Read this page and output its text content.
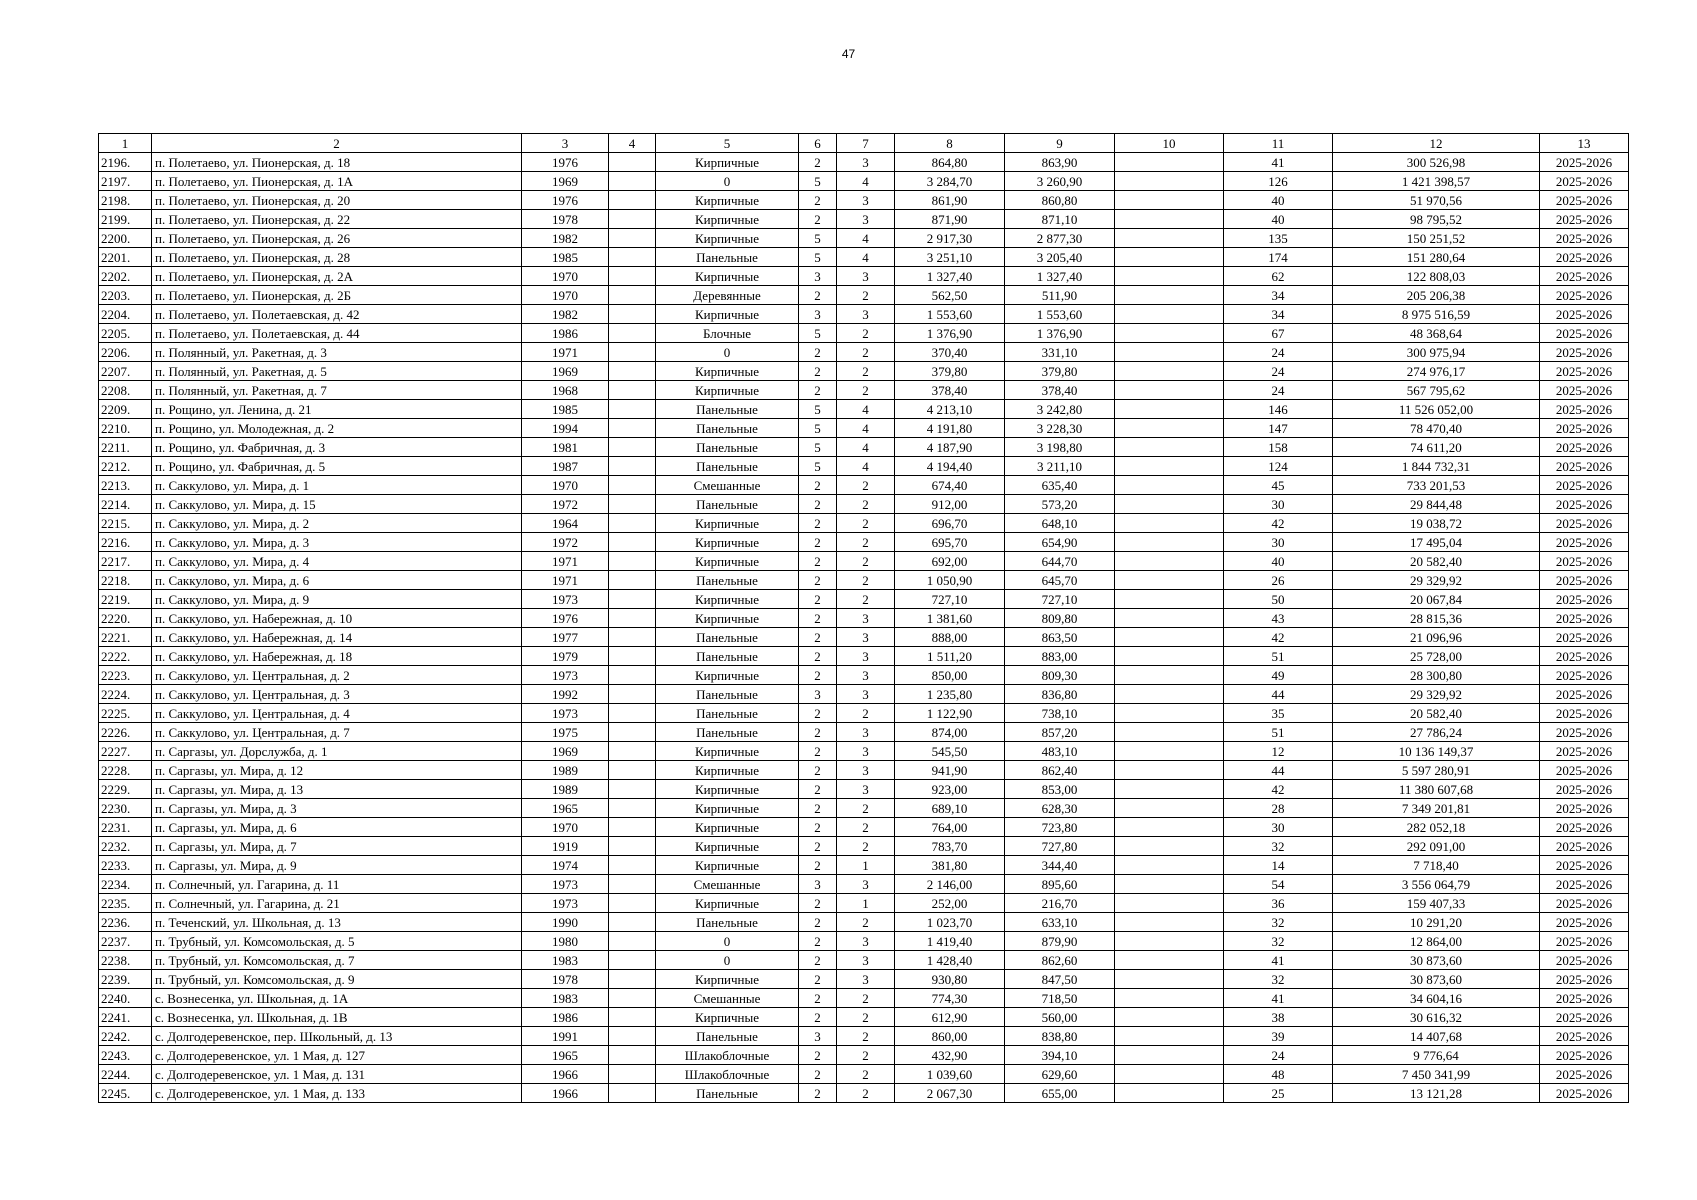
47
1	2	3	4	5	6	7	8	9	10	11	12	13
2196.	п. Полетаево, ул. Пионерская, д. 18	1976		Кирпичные	2	3	864,80	863,90		41	300 526,98	2025-2026
2197.	п. Полетаево, ул. Пионерская, д. 1А	1969		0	5	4	3 284,70	3 260,90		126	1 421 398,57	2025-2026
2198.	п. Полетаево, ул. Пионерская, д. 20	1976		Кирпичные	2	3	861,90	860,80		40	51 970,56	2025-2026
2199.	п. Полетаево, ул. Пионерская, д. 22	1978		Кирпичные	2	3	871,90	871,10		40	98 795,52	2025-2026
2200.	п. Полетаево, ул. Пионерская, д. 26	1982		Кирпичные	5	4	2 917,30	2 877,30		135	150 251,52	2025-2026
2201.	п. Полетаево, ул. Пионерская, д. 28	1985		Панельные	5	4	3 251,10	3 205,40		174	151 280,64	2025-2026
2202.	п. Полетаево, ул. Пионерская, д. 2А	1970		Кирпичные	3	3	1 327,40	1 327,40		62	122 808,03	2025-2026
2203.	п. Полетаево, ул. Пионерская, д. 2Б	1970		Деревянные	2	2	562,50	511,90		34	205 206,38	2025-2026
2204.	п. Полетаево, ул. Полетаевская, д. 42	1982		Кирпичные	3	3	1 553,60	1 553,60		34	8 975 516,59	2025-2026
2205.	п. Полетаево, ул. Полетаевская, д. 44	1986		Блочные	5	2	1 376,90	1 376,90		67	48 368,64	2025-2026
2206.	п. Полянный, ул. Ракетная, д. 3	1971		0	2	2	370,40	331,10		24	300 975,94	2025-2026
2207.	п. Полянный, ул. Ракетная, д. 5	1969		Кирпичные	2	2	379,80	379,80		24	274 976,17	2025-2026
2208.	п. Полянный, ул. Ракетная, д. 7	1968		Кирпичные	2	2	378,40	378,40		24	567 795,62	2025-2026
2209.	п. Рощино, ул. Ленина, д. 21	1985		Панельные	5	4	4 213,10	3 242,80		146	11 526 052,00	2025-2026
2210.	п. Рощино, ул. Молодежная, д. 2	1994		Панельные	5	4	4 191,80	3 228,30		147	78 470,40	2025-2026
2211.	п. Рощино, ул. Фабричная, д. 3	1981		Панельные	5	4	4 187,90	3 198,80		158	74 611,20	2025-2026
2212.	п. Рощино, ул. Фабричная, д. 5	1987		Панельные	5	4	4 194,40	3 211,10		124	1 844 732,31	2025-2026
2213.	п. Саккулово, ул. Мира, д. 1	1970		Смешанные	2	2	674,40	635,40		45	733 201,53	2025-2026
2214.	п. Саккулово, ул. Мира, д. 15	1972		Панельные	2	2	912,00	573,20		30	29 844,48	2025-2026
2215.	п. Саккулово, ул. Мира, д. 2	1964		Кирпичные	2	2	696,70	648,10		42	19 038,72	2025-2026
2216.	п. Саккулово, ул. Мира, д. 3	1972		Кирпичные	2	2	695,70	654,90		30	17 495,04	2025-2026
2217.	п. Саккулово, ул. Мира, д. 4	1971		Кирпичные	2	2	692,00	644,70		40	20 582,40	2025-2026
2218.	п. Саккулово, ул. Мира, д. 6	1971		Панельные	2	2	1 050,90	645,70		26	29 329,92	2025-2026
2219.	п. Саккулово, ул. Мира, д. 9	1973		Кирпичные	2	2	727,10	727,10		50	20 067,84	2025-2026
2220.	п. Саккулово, ул. Набережная, д. 10	1976		Кирпичные	2	3	1 381,60	809,80		43	28 815,36	2025-2026
2221.	п. Саккулово, ул. Набережная, д. 14	1977		Панельные	2	3	888,00	863,50		42	21 096,96	2025-2026
2222.	п. Саккулово, ул. Набережная, д. 18	1979		Панельные	2	3	1 511,20	883,00		51	25 728,00	2025-2026
2223.	п. Саккулово, ул. Центральная, д. 2	1973		Кирпичные	2	3	850,00	809,30		49	28 300,80	2025-2026
2224.	п. Саккулово, ул. Центральная, д. 3	1992		Панельные	3	3	1 235,80	836,80		44	29 329,92	2025-2026
2225.	п. Саккулово, ул. Центральная, д. 4	1973		Панельные	2	2	1 122,90	738,10		35	20 582,40	2025-2026
2226.	п. Саккулово, ул. Центральная, д. 7	1975		Панельные	2	3	874,00	857,20		51	27 786,24	2025-2026
2227.	п. Саргазы, ул. Дорслужба, д. 1	1969		Кирпичные	2	3	545,50	483,10		12	10 136 149,37	2025-2026
2228.	п. Саргазы, ул. Мира, д. 12	1989		Кирпичные	2	3	941,90	862,40		44	5 597 280,91	2025-2026
2229.	п. Саргазы, ул. Мира, д. 13	1989		Кирпичные	2	3	923,00	853,00		42	11 380 607,68	2025-2026
2230.	п. Саргазы, ул. Мира, д. 3	1965		Кирпичные	2	2	689,10	628,30		28	7 349 201,81	2025-2026
2231.	п. Саргазы, ул. Мира, д. 6	1970		Кирпичные	2	2	764,00	723,80		30	282 052,18	2025-2026
2232.	п. Саргазы, ул. Мира, д. 7	1919		Кирпичные	2	2	783,70	727,80		32	292 091,00	2025-2026
2233.	п. Саргазы, ул. Мира, д. 9	1974		Кирпичные	2	1	381,80	344,40		14	7 718,40	2025-2026
2234.	п. Солнечный, ул. Гагарина, д. 11	1973		Смешанные	3	3	2 146,00	895,60		54	3 556 064,79	2025-2026
2235.	п. Солнечный, ул. Гагарина, д. 21	1973		Кирпичные	2	1	252,00	216,70		36	159 407,33	2025-2026
2236.	п. Теченский, ул. Школьная, д. 13	1990		Панельные	2	2	1 023,70	633,10		32	10 291,20	2025-2026
2237.	п. Трубный, ул. Комсомольская, д. 5	1980		0	2	3	1 419,40	879,90		32	12 864,00	2025-2026
2238.	п. Трубный, ул. Комсомольская, д. 7	1983		0	2	3	1 428,40	862,60		41	30 873,60	2025-2026
2239.	п. Трубный, ул. Комсомольская, д. 9	1978		Кирпичные	2	3	930,80	847,50		32	30 873,60	2025-2026
2240.	с. Вознесенка, ул. Школьная, д. 1А	1983		Смешанные	2	2	774,30	718,50		41	34 604,16	2025-2026
2241.	с. Вознесенка, ул. Школьная, д. 1В	1986		Кирпичные	2	2	612,90	560,00		38	30 616,32	2025-2026
2242.	с. Долгодеревенское, пер. Школьный, д. 13	1991		Панельные	3	2	860,00	838,80		39	14 407,68	2025-2026
2243.	с. Долгодеревенское, ул. 1 Мая, д. 127	1965		Шлакоблочные	2	2	432,90	394,10		24	9 776,64	2025-2026
2244.	с. Долгодеревенское, ул. 1 Мая, д. 131	1966		Шлакоблочные	2	2	1 039,60	629,60		48	7 450 341,99	2025-2026
2245.	с. Долгодеревенское, ул. 1 Мая, д. 133	1966		Панельные	2	2	2 067,30	655,00		25	13 121,28	2025-2026
